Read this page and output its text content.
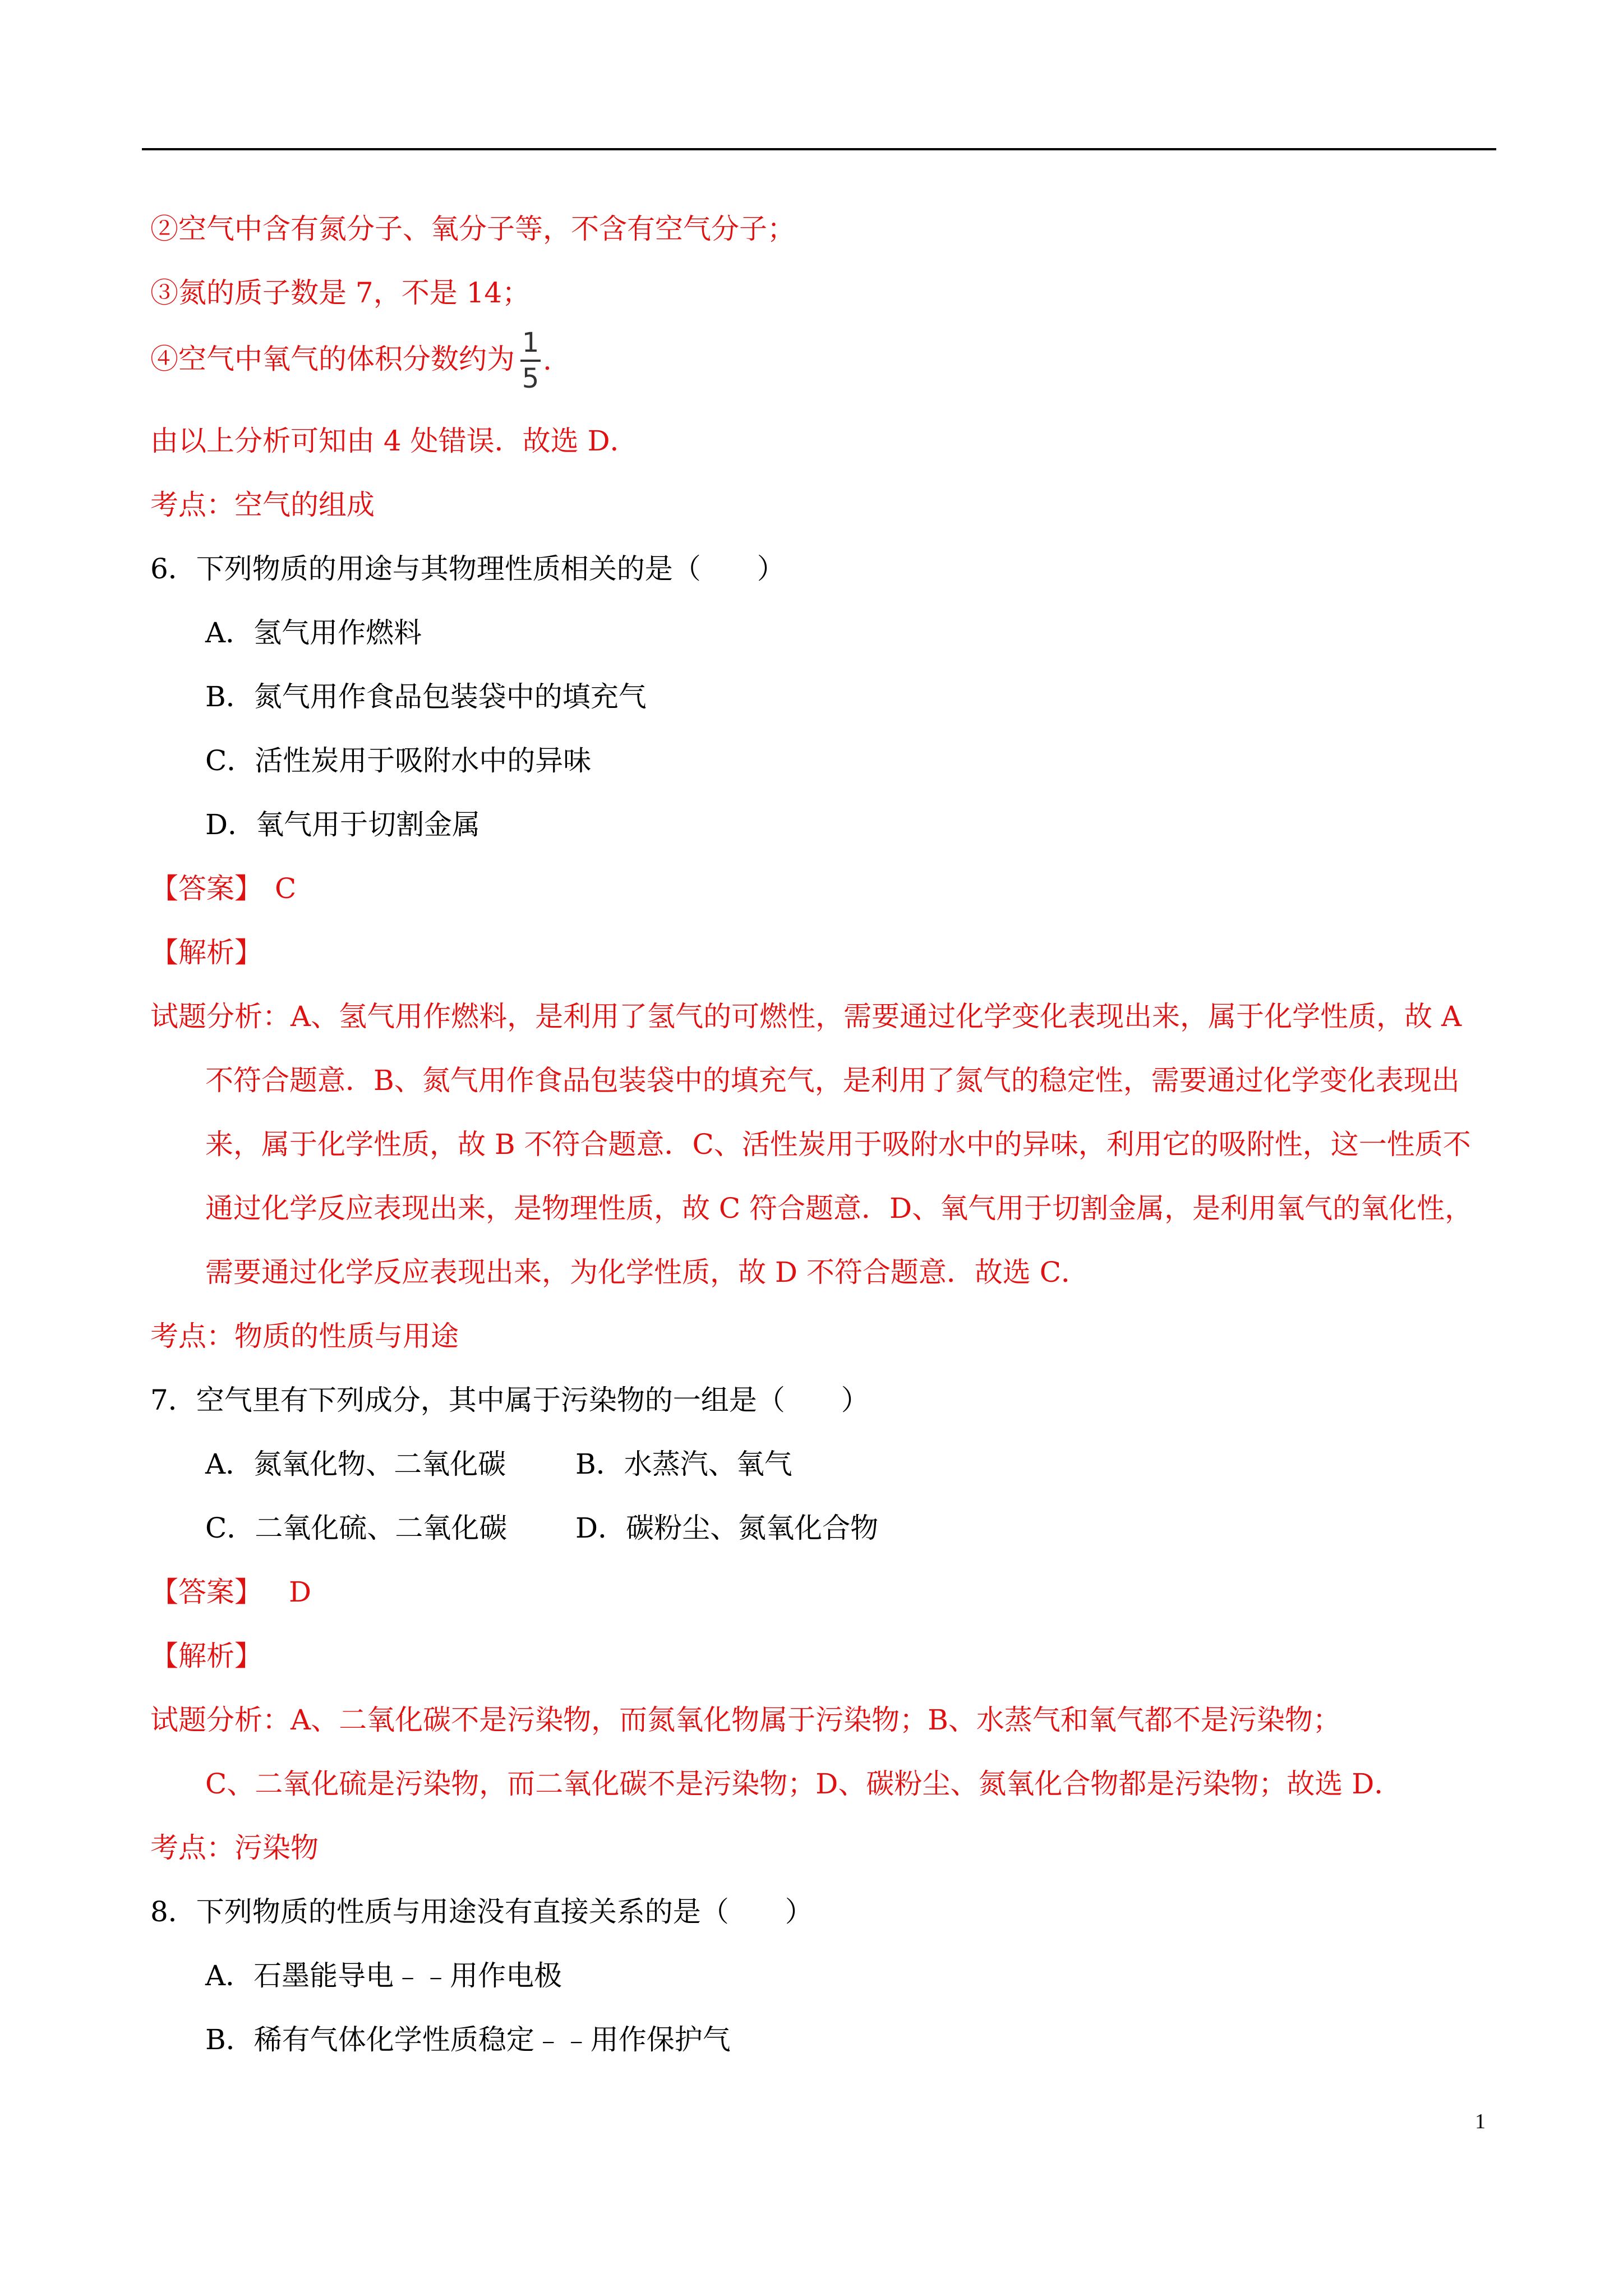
②空气中含有氮分子、氧分子等，不含有空气分子；
③氮的质子数是 7，不是 14；
④空气中氧气的体积分数约为 1
5
.
由以上分析可知由 4 处错误．故选 D．
考点：空气的组成
6．下列物质的用途与其物理性质相关的是（　　）
A．氢气用作燃料
B．氮气用作食品包装袋中的填充气
C．活性炭用于吸附水中的异味
D．氧气用于切割金属
【答案】 C
【解析】
试题分析：A、氢气用作燃料，是利用了氢气的可燃性，需要通过化学变化表现出来，属于化学性质，故 A
不符合题意．B、氮气用作食品包装袋中的填充气，是利用了氮气的稳定性，需要通过化学变化表现出
来，属于化学性质，故 B 不符合题意．C、活性炭用于吸附水中的异味，利用它的吸附性，这一性质不
通过化学反应表现出来，是物理性质，故 C 符合题意．D、氧气用于切割金属，是利用氧气的氧化性，
需要通过化学反应表现出来，为化学性质，故 D 不符合题意．故选 C．
考点：物质的性质与用途
7．空气里有下列成分，其中属于污染物的一组是（　　）
A．氮氧化物、二氧化碳 B．水蒸汽、氧气
C．二氧化硫、二氧化碳 D．碳粉尘、氮氧化合物
【答案】 D
【解析】
试题分析：A、二氧化碳不是污染物，而氮氧化物属于污染物；B、水蒸气和氧气都不是污染物；
C、二氧化硫是污染物，而二氧化碳不是污染物；D、碳粉尘、氮氧化合物都是污染物；故选 D．
考点：污染物
8．下列物质的性质与用途没有直接关系的是（　　）
A．石墨能导电﹣﹣用作电极
B．稀有气体化学性质稳定﹣﹣用作保护气
1
